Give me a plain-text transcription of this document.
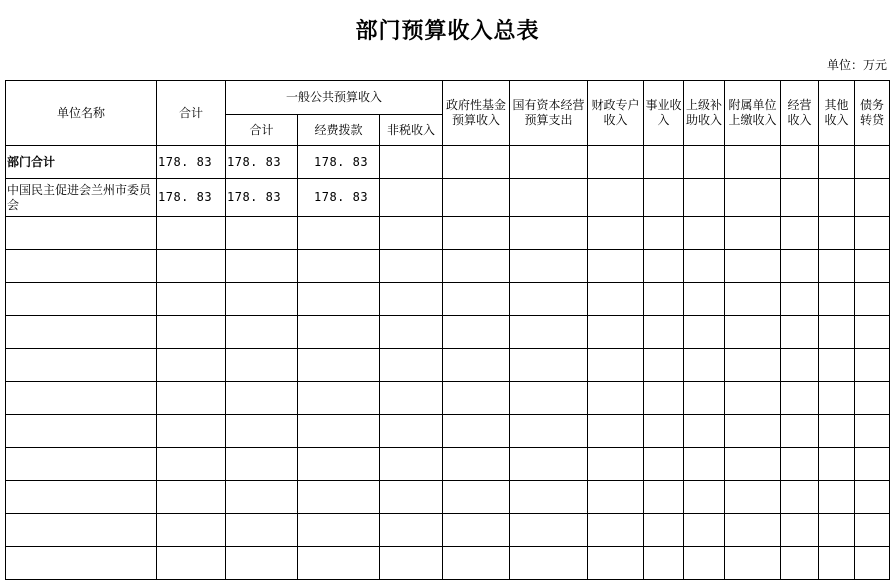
部门预算收入总表
单位：万元
单位名称	合计	一般公共预算收入			政府性基金预算收入	国有资本经营预算支出	财政专户收入	事业收入	上级补助收入	附属单位上缴收入	经营收入	其他收入	债务转贷
		合计	经费拨款	非税收入									
部门合计	178. 83	178. 83	178. 83										
中国民主促进会兰州市委员会	178. 83	178. 83	178. 83										
